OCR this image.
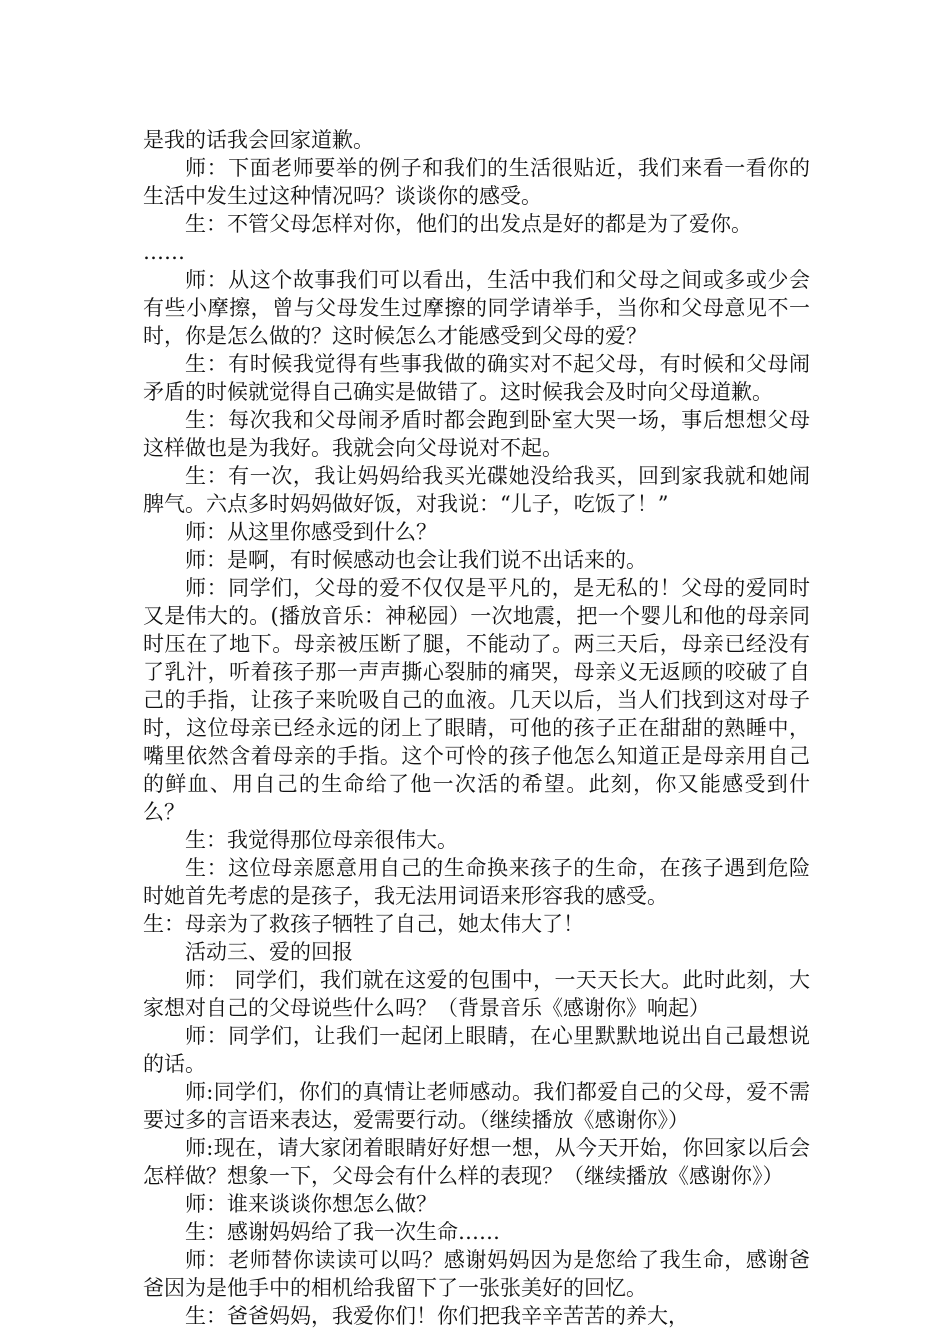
是我的话我会回家道歉。

师：下面老师要举的例子和我们的生活很贴近，我们来看一看你的生活中发生过这种情况吗？谈谈你的感受。

生：不管父母怎样对你，他们的出发点是好的都是为了爱你。

……

师：从这个故事我们可以看出，生活中我们和父母之间或多或少会有些小摩擦，曾与父母发生过摩擦的同学请举手，当你和父母意见不一时，你是怎么做的？这时候怎么才能感受到父母的爱？

生：有时候我觉得有些事我做的确实对不起父母，有时候和父母闹矛盾的时候就觉得自己确实是做错了。这时候我会及时向父母道歉。

生：每次我和父母闹矛盾时都会跑到卧室大哭一场，事后想想父母这样做也是为我好。我就会向父母说对不起。

生：有一次，我让妈妈给我买光碟她没给我买，回到家我就和她闹脾气。六点多时妈妈做好饭，对我说：“儿子，吃饭了！”

师：从这里你感受到什么？

师：是啊，有时候感动也会让我们说不出话来的。

师：同学们，父母的爱不仅仅是平凡的，是无私的！父母的爱同时又是伟大的。(播放音乐：神秘园）一次地震，把一个婴儿和他的母亲同时压在了地下。母亲被压断了腿，不能动了。两三天后，母亲已经没有了乳汁，听着孩子那一声声撕心裂肺的痛哭，母亲义无返顾的咬破了自己的手指，让孩子来吮吸自己的血液。几天以后，当人们找到这对母子时，这位母亲已经永远的闭上了眼睛，可他的孩子正在甜甜的熟睡中，嘴里依然含着母亲的手指。这个可怜的孩子他怎么知道正是母亲用自己的鲜血、用自己的生命给了他一次活的希望。此刻，你又能感受到什么？

生：我觉得那位母亲很伟大。

生：这位母亲愿意用自己的生命换来孩子的生命，在孩子遇到危险时她首先考虑的是孩子，我无法用词语来形容我的感受。

生：母亲为了救孩子牺牲了自己，她太伟大了！

活动三、爱的回报

师： 同学们，我们就在这爱的包围中，一天天长大。此时此刻，大家想对自己的父母说些什么吗？（背景音乐《感谢你》响起）

师：同学们，让我们一起闭上眼睛，在心里默默地说出自己最想说的话。

师:同学们，你们的真情让老师感动。我们都爱自己的父母，爱不需要过多的言语来表达，爱需要行动。（继续播放《感谢你》）

师:现在，请大家闭着眼睛好好想一想，从今天开始，你回家以后会怎样做？想象一下，父母会有什么样的表现？（继续播放《感谢你》）

师：谁来谈谈你想怎么做？

生：感谢妈妈给了我一次生命……

师：老师替你读读可以吗？感谢妈妈因为是您给了我生命，感谢爸爸因为是他手中的相机给我留下了一张张美好的回忆。

生：爸爸妈妈，我爱你们！你们把我辛辛苦苦的养大，
